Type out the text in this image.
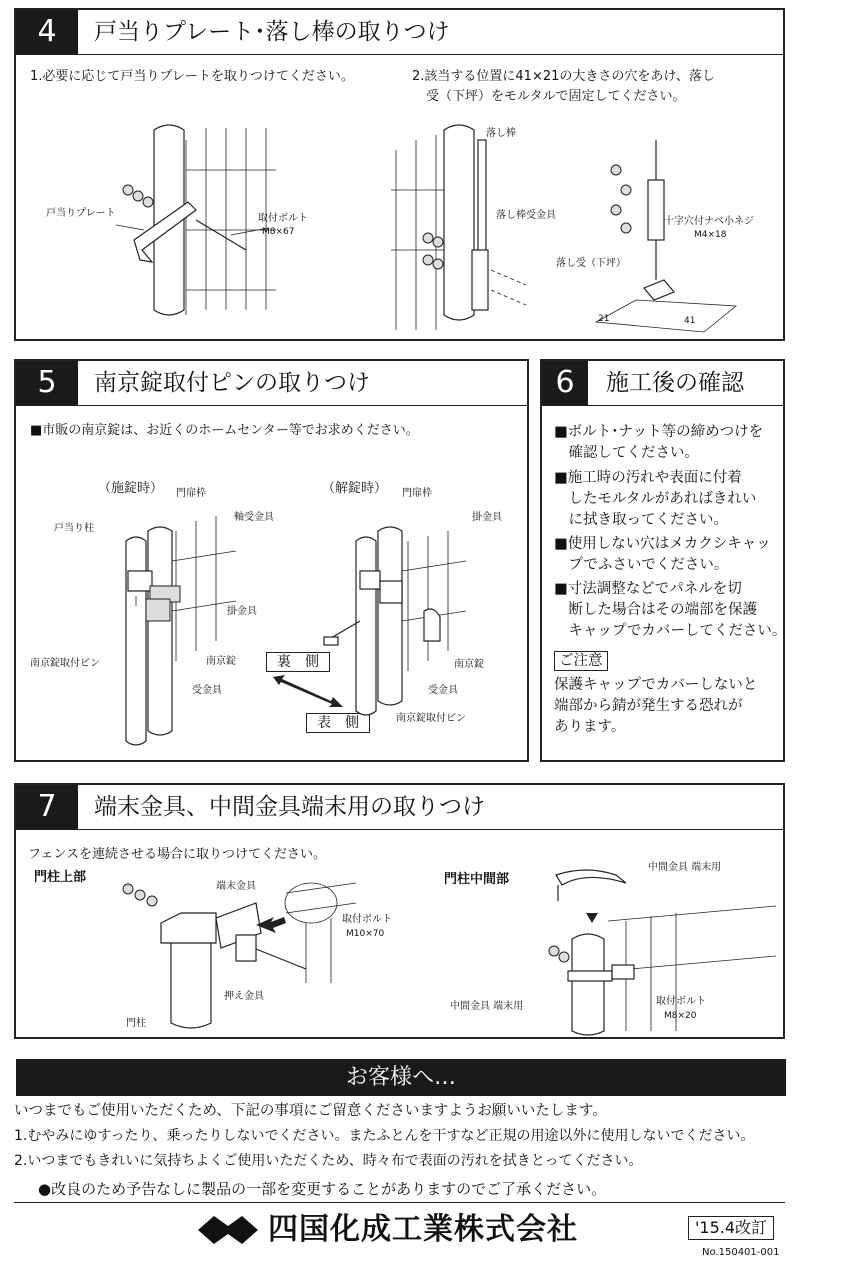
4	戸当りプレート･落し棒の取りつけ
1.必要に応じて戸当りプレートを取りつけてください。	2.該当する位置に41×21の大きさの穴をあけ、落し
受（下坪）をモルタルで固定してください。
戸当りプレート	取付ボルト
M8×67
落し棒
落し棒受金具
十字穴付ナベ小ネジ
M4×18
落し受（下坪）
21	41
5	南京錠取付ピンの取りつけ
■市販の南京錠は、お近くのホームセンター等でお求めください。
（施錠時）	（解錠時）
門扉枠
戸当り柱
軸受金具
掛金具
南京錠取付ピン	南京錠
受金具
裏　側
表　側
門扉枠
掛金具
南京錠
受金具
南京錠取付ピン
6	施工後の確認
■ボルト･ナット等の締めつけを
　確認してください。
■施工時の汚れや表面に付着
　したモルタルがあればきれい
　に拭き取ってください。
■使用しない穴はメカクシキャッ
　プでふさいでください。
■寸法調整などでパネルを切
　断した場合はその端部を保護
　キャップでカバーしてください。
ご注意
保護キャップでカバーしないと
端部から錆が発生する恐れが
あります。
7	端末金具、中間金具端末用の取りつけ
フェンスを連続させる場合に取りつけてください。
門柱上部	門柱中間部
端末金具
取付ボルト
M10×70
押え金具
門柱
中間金具 端末用
中間金具 端末用	取付ボルト
M8×20
お客様へ…
いつまでもご使用いただくため、下記の事項にご留意くださいますようお願いいたします。
1.むやみにゆすったり、乗ったりしないでください。またふとんを干すなど正規の用途以外に使用しないでください。
2.いつまでもきれいに気持ちよくご使用いただくため、時々布で表面の汚れを拭きとってください。
●改良のため予告なしに製品の一部を変更することがありますのでご了承ください。
四国化成工業株式会社	'15.4改訂
No.150401-001
